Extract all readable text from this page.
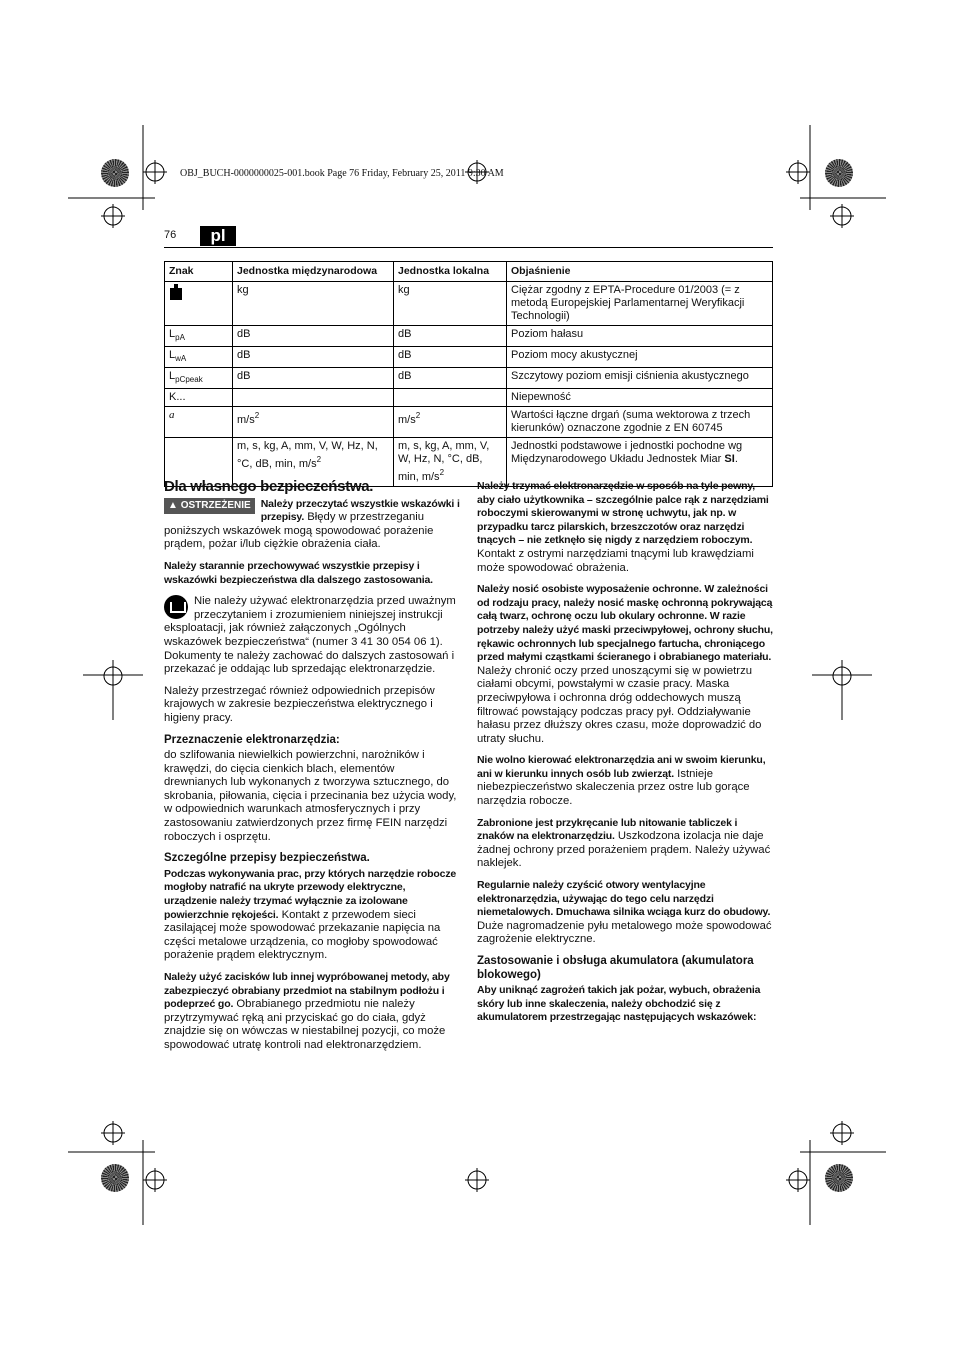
OBJ_BUCH-0000000025-001.book Page 76 Friday, February 25, 2011 9:30 AM
76	pl
Znak	Jednostka międzynarodowa	Jednostka lokalna	Objaśnienie
	kg	kg	Ciężar zgodny z EPTA-Procedure 01/2003 (= z metodą Europejskiej Parlamentarnej Weryfikacji Technologii)
$L_{pA}$	dB	dB	Poziom hałasu
$L_{wA}$	dB	dB	Poziom mocy akustycznej
$L_{pCpeak}$	dB	dB	Szczytowy poziom emisji ciśnienia akustycznego
K...			Niepewność
a	$m/s^2$	$m/s^2$	Wartości łączne drgań (suma wektorowa z trzech kierunków) oznaczone zgodnie z EN 60745
	m, s, kg, A, mm, V, W, Hz, N, °C, dB, min, $m/s^2$	m, s, kg, A, mm, V, W, Hz, N, °C, dB, min, $m/s^2$	Jednostki podstawowe i jednostki pochodne wg Międzynarodowego Układu Jednostek Miar SI.
Dla własnego bezpieczeństwa.

▲ OSTRZEŻENIE Należy przeczytać wszystkie wskazówki i przepisy. Błędy w przestrzeganiu poniższych wskazówek mogą spowodować porażenie prądem, pożar i/lub ciężkie obrażenia ciała.

Należy starannie przechowywać wszystkie przepisy i wskazówki bezpieczeństwa dla dalszego zastosowania.

Nie należy używać elektronarzędzia przed uważnym przeczytaniem i zrozumieniem niniejszej instrukcji eksploatacji, jak również załączonych „Ogólnych wskazówek bezpieczeństwa“ (numer 3 41 30 054 06 1). Dokumenty te należy zachować do dalszych zastosowań i przekazać je oddając lub sprzedając elektronarzędzie.

Należy przestrzegać również odpowiednich przepisów krajowych w zakresie bezpieczeństwa elektrycznego i higieny pracy.

Przeznaczenie elektronarzędzia:

do szlifowania niewielkich powierzchni, narożników i krawędzi, do cięcia cienkich blach, elementów drewnianych lub wykonanych z tworzywa sztucznego, do skrobania, piłowania, cięcia i przecinania bez użycia wody, w odpowiednich warunkach atmosferycznych i przy zastosowaniu zatwierdzonych przez firmę FEIN narzędzi roboczych i osprzętu.

Szczególne przepisy bezpieczeństwa.

Podczas wykonywania prac, przy których narzędzie robocze mogłoby natrafić na ukryte przewody elektryczne, urządzenie należy trzymać wyłącznie za izolowane powierzchnie rękojeści. Kontakt z przewodem sieci zasilającej może spowodować przekazanie napięcia na części metalowe urządzenia, co mogłoby spowodować porażenie prądem elektrycznym.

Należy użyć zacisków lub innej wypróbowanej metody, aby zabezpieczyć obrabiany przedmiot na stabilnym podłożu i podeprzeć go. Obrabianego przedmiotu nie należy przytrzymywać ręką ani przyciskać go do ciała, gdyż znajdzie się on wówczas w niestabilnej pozycji, co może spowodować utratę kontroli nad elektronarzędziem.

Należy trzymać elektronarzędzie w sposób na tyle pewny, aby ciało użytkownika – szczególnie palce rąk z narzędziami roboczymi skierowanymi w stronę uchwytu, jak np. w przypadku tarcz pilarskich, brzeszczotów oraz narzędzi tnących – nie zetknęło się nigdy z narzędziem roboczym. Kontakt z ostrymi narzędziami tnącymi lub krawędziami może spowodować obrażenia.

Należy nosić osobiste wyposażenie ochronne. W zależności od rodzaju pracy, należy nosić maskę ochronną pokrywającą całą twarz, ochronę oczu lub okulary ochronne. W razie potrzeby należy użyć maski przeciwpyłowej, ochrony słuchu, rękawic ochronnych lub specjalnego fartucha, chroniącego przed małymi cząstkami ścieranego i obrabianego materiału. Należy chronić oczy przed unoszącymi się w powietrzu ciałami obcymi, powstałymi w czasie pracy. Maska przeciwpyłowa i ochronna dróg oddechowych muszą filtrować powstający podczas pracy pył. Oddziaływanie hałasu przez dłuższy okres czasu, może doprowadzić do utraty słuchu.

Nie wolno kierować elektronarzędzia ani w swoim kierunku, ani w kierunku innych osób lub zwierząt. Istnieje niebezpieczeństwo skaleczenia przez ostre lub gorące narzędzia robocze.

Zabronione jest przykręcanie lub nitowanie tabliczek i znaków na elektronarzędziu. Uszkodzona izolacja nie daje żadnej ochrony przed porażeniem prądem. Należy używać naklejek.

Regularnie należy czyścić otwory wentylacyjne elektronarzędzia, używając do tego celu narzędzi niemetalowych. Dmuchawa silnika wciąga kurz do obudowy. Duże nagromadzenie pyłu metalowego może spowodować zagrożenie elektryczne.

Zastosowanie i obsługa akumulatora (akumulatora blokowego)

Aby uniknąć zagrożeń takich jak pożar, wybuch, obrażenia skóry lub inne skaleczenia, należy obchodzić się z akumulatorem przestrzegając następujących wskazówek:
